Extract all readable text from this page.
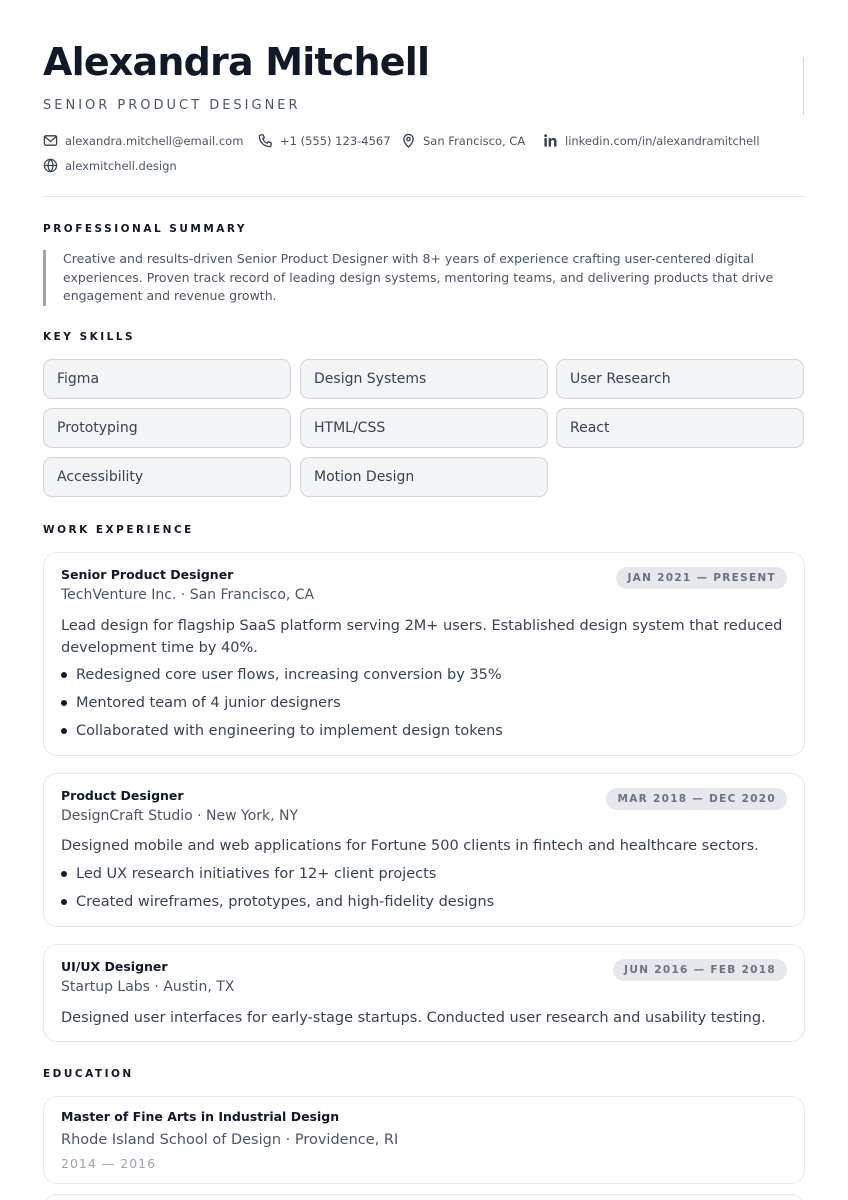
Alexandra Mitchell
SENIOR PRODUCT DESIGNER
alexandra.mitchell@email.com	+1 (555) 123-4567	San Francisco, CA	linkedin.com/in/alexandramitchell
alexmitchell.design
PROFESSIONAL SUMMARY

Creative and results-driven Senior Product Designer with 8+ years of experience crafting user-centered digital experiences. Proven track record of leading design systems, mentoring teams, and delivering products that drive engagement and revenue growth.

KEY SKILLS
Figma	Design Systems	User Research
Prototyping	HTML/CSS	React
Accessibility	Motion Design
WORK EXPERIENCE
Senior Product Designer
TechVenture Inc. · San Francisco, CA
JAN 2021 — PRESENT

Lead design for flagship SaaS platform serving 2M+ users. Established design system that reduced development time by 40%.

Redesigned core user flows, increasing conversion by 35%
Mentored team of 4 junior designers
Collaborated with engineering to implement design tokens
Product Designer
DesignCraft Studio · New York, NY
MAR 2018 — DEC 2020

Designed mobile and web applications for Fortune 500 clients in fintech and healthcare sectors.

Led UX research initiatives for 12+ client projects
Created wireframes, prototypes, and high-fidelity designs
UI/UX Designer
Startup Labs · Austin, TX
JUN 2016 — FEB 2018

Designed user interfaces for early-stage startups. Conducted user research and usability testing.

EDUCATION
Master of Fine Arts in Industrial Design
Rhode Island School of Design · Providence, RI
2014 — 2016
